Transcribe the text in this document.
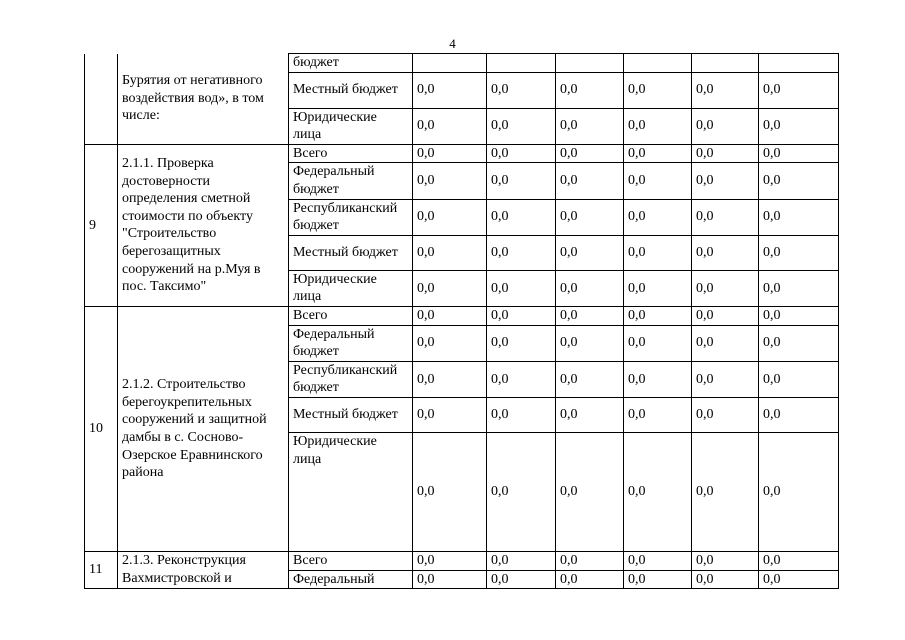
4
	Бурятия от негативного воздействия вод», в том числе:	бюджет						
		Местный бюджет	0,0	0,0	0,0	0,0	0,0	0,0
		Юридические лица	0,0	0,0	0,0	0,0	0,0	0,0
9	2.1.1. Проверка достоверности определения сметной стоимости по объекту "Строительство берегозащитных сооружений на р.Муя в пос. Таксимо"	Всего	0,0	0,0	0,0	0,0	0,0	0,0
		Федеральный бюджет	0,0	0,0	0,0	0,0	0,0	0,0
		Республиканский бюджет	0,0	0,0	0,0	0,0	0,0	0,0
		Местный бюджет	0,0	0,0	0,0	0,0	0,0	0,0
		Юридические лица	0,0	0,0	0,0	0,0	0,0	0,0
10	2.1.2. Строительство берегоукрепительных сооружений и защитной дамбы в с. Сосново-Озерское Еравнинского района	Всего	0,0	0,0	0,0	0,0	0,0	0,0
		Федеральный бюджет	0,0	0,0	0,0	0,0	0,0	0,0
		Республиканский бюджет	0,0	0,0	0,0	0,0	0,0	0,0
		Местный бюджет	0,0	0,0	0,0	0,0	0,0	0,0
		Юридические лица	0,0	0,0	0,0	0,0	0,0	0,0
11	2.1.3. Реконструкция Вахмистровской и	Всего	0,0	0,0	0,0	0,0	0,0	0,0
		Федеральный	0,0	0,0	0,0	0,0	0,0	0,0
